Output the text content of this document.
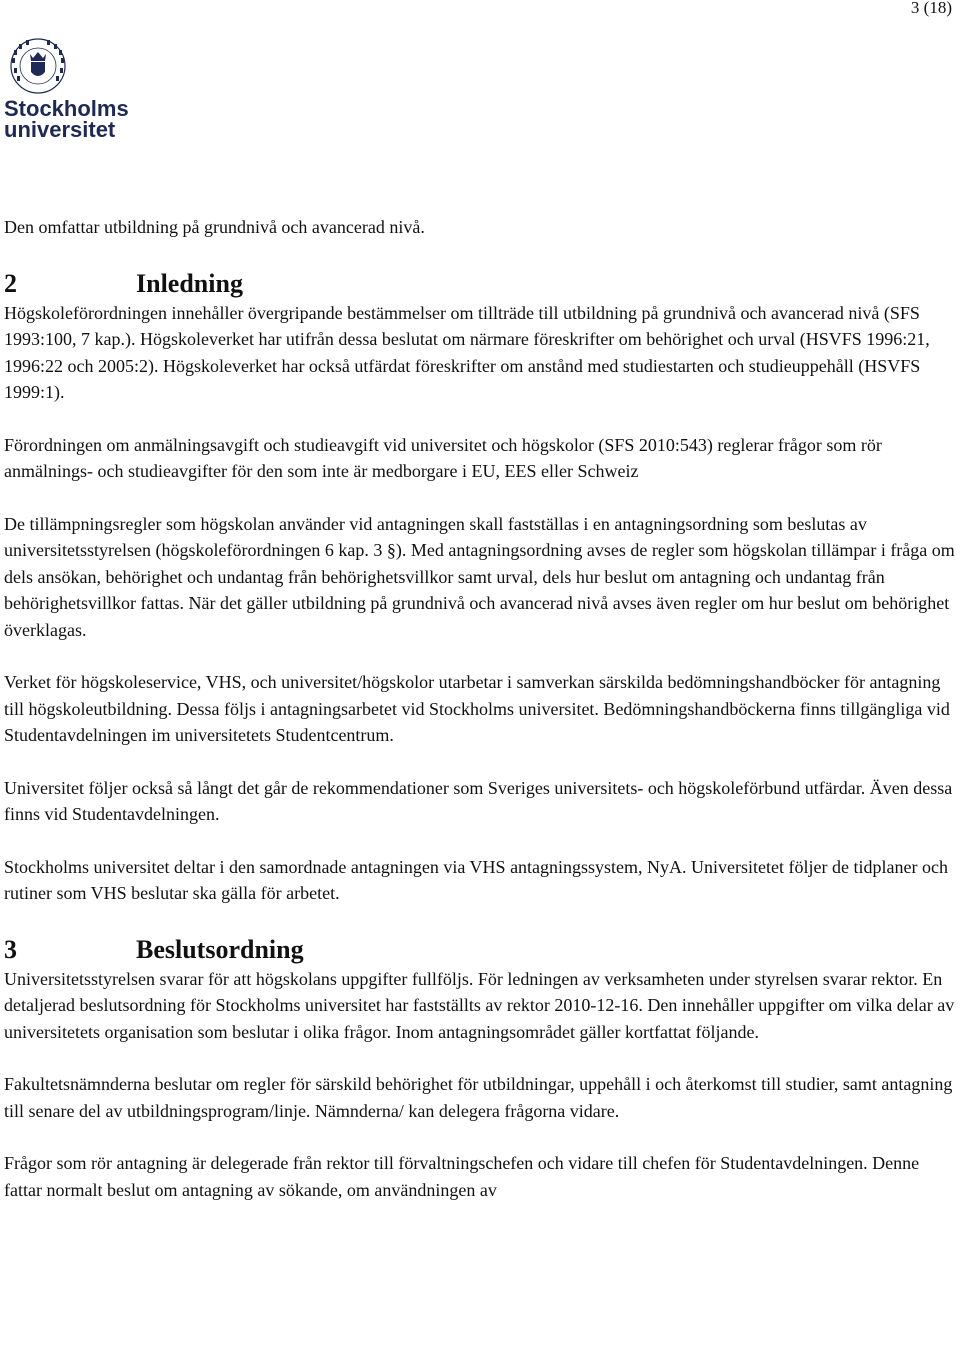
3 (18)
Stockholms
universitet

Den omfattar utbildning på grundnivå och avancerad nivå.

2	Inledning

Högskoleförordningen innehåller övergripande bestämmelser om tillträde till utbildning på grundnivå och avancerad nivå (SFS 1993:100, 7 kap.). Högskoleverket har utifrån dessa beslutat om närmare föreskrifter om behörighet och urval (HSVFS 1996:21, 1996:22 och 2005:2). Högskoleverket har också utfärdat föreskrifter om anstånd med studiestarten och studieuppehåll (HSVFS 1999:1).

Förordningen om anmälningsavgift och studieavgift vid universitet och högskolor (SFS 2010:543) reglerar frågor som rör anmälnings- och studieavgifter för den som inte är medborgare i EU, EES eller Schweiz

De tillämpningsregler som högskolan använder vid antagningen skall fastställas i en antagningsordning som beslutas av universitetsstyrelsen (högskoleförordningen 6 kap. 3 §). Med antagningsordning avses de regler som högskolan tillämpar i fråga om dels ansökan, behörighet och undantag från behörighetsvillkor samt urval, dels hur beslut om antagning och undantag från behörighetsvillkor fattas. När det gäller utbildning på grundnivå och avancerad nivå avses även regler om hur beslut om behörighet överklagas.

Verket för högskoleservice, VHS, och universitet/högskolor utarbetar i samverkan särskilda bedömningshandböcker för antagning till högskoleutbildning. Dessa följs i antagningsarbetet vid Stockholms universitet. Bedömningshandböckerna finns tillgängliga vid Studentavdelningen im universitetets Studentcentrum.

Universitet följer också så långt det går de rekommendationer som Sveriges universitets- och högskoleförbund utfärdar. Även dessa finns vid Studentavdelningen.

Stockholms universitet deltar i den samordnade antagningen via VHS antagningssystem, NyA. Universitetet följer de tidplaner och rutiner som VHS beslutar ska gälla för arbetet.

3	Beslutsordning

Universitetsstyrelsen svarar för att högskolans uppgifter fullföljs. För ledningen av verksamheten under styrelsen svarar rektor. En detaljerad beslutsordning för Stockholms universitet har fastställts av rektor 2010-12-16. Den innehåller uppgifter om vilka delar av universitetets organisation som beslutar i olika frågor. Inom antagningsområdet gäller kortfattat följande.

Fakultetsnämnderna beslutar om regler för särskild behörighet för utbildningar, uppehåll i och återkomst till studier, samt antagning till senare del av utbildningsprogram/linje. Nämnderna/ kan delegera frågorna vidare.

Frågor som rör antagning är delegerade från rektor till förvaltningschefen och vidare till chefen för Studentavdelningen. Denne fattar normalt beslut om antagning av sökande, om användningen av
